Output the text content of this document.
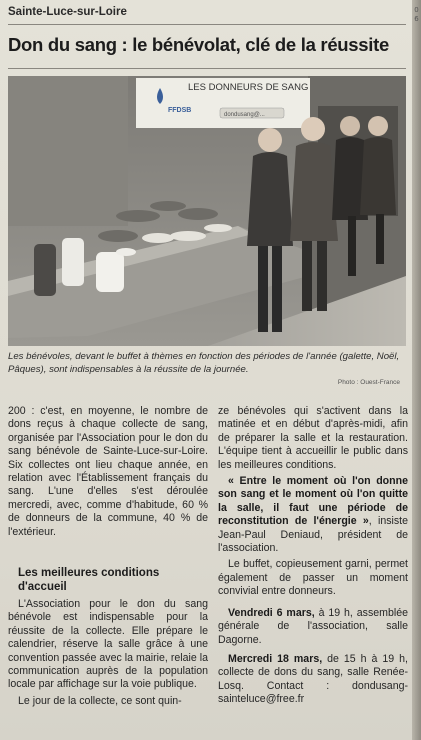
Sainte-Luce-sur-Loire
Don du sang : le bénévolat, clé de la réussite
FFDSB
LES DONNEURS DE SANG
dondusang@...
Les bénévoles, devant le buffet à thèmes en fonction des périodes de l'année (galette, Noël, Pâques), sont indispensables à la réussite de la journée.
Photo : Ouest-France

200 : c'est, en moyenne, le nombre de dons reçus à chaque collecte de sang, organisée par l'Association pour le don du sang bénévole de Sainte-Luce-sur-Loire. Six collectes ont lieu chaque année, en relation avec l'Établissement français du sang. L'une d'elles s'est déroulée mercredi, avec, comme d'habitude, 60 % de donneurs de la commune, 40 % de l'extérieur.

Les meilleures conditions d'accueil

L'Association pour le don du sang bénévole est indispensable pour la réussite de la collecte. Elle prépare le calendrier, réserve la salle grâce à une convention passée avec la mairie, relaie la communication auprès de la population locale par affichage sur la voie publique.

Le jour de la collecte, ce sont quin-

ze bénévoles qui s'activent dans la matinée et en début d'après-midi, afin de préparer la salle et la restauration. L'équipe tient à accueillir le public dans les meilleures conditions.

« Entre le moment où l'on donne son sang et le moment où l'on quitte la salle, il faut une période de reconstitution de l'énergie », insiste Jean-Paul Deniaud, président de l'association.

Le buffet, copieusement garni, permet également de passer un moment convivial entre donneurs.

Vendredi 6 mars, à 19 h, assemblée générale de l'association, salle Dagorne.

Mercredi 18 mars, de 15 h à 19 h, collecte de dons du sang, salle Renée-Losq. Contact : dondusang-sainteluce@free.fr

0 6
